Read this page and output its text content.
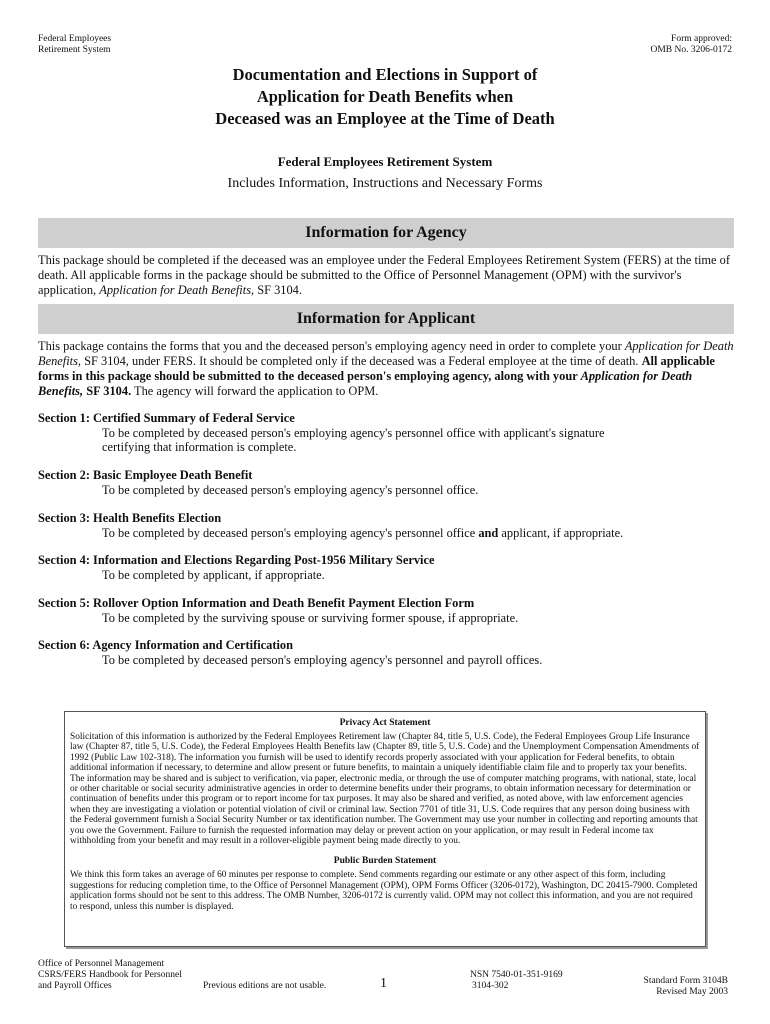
Federal Employees
Retirement System
Form approved:
OMB No. 3206-0172
Documentation and Elections in Support of
Application for Death Benefits when
Deceased was an Employee at the Time of Death
Federal Employees Retirement System
Includes Information, Instructions and Necessary Forms
Information for Agency
This package should be completed if the deceased was an employee under the Federal Employees Retirement System (FERS) at the time of death. All applicable forms in the package should be submitted to the Office of Personnel Management (OPM) with the survivor's application, Application for Death Benefits, SF 3104.
Information for Applicant
This package contains the forms that you and the deceased person's employing agency need in order to complete your Application for Death Benefits, SF 3104, under FERS. It should be completed only if the deceased was a Federal employee at the time of death. All applicable forms in this package should be submitted to the deceased person's employing agency, along with your Application for Death Benefits, SF 3104. The agency will forward the application to OPM.
Section 1: Certified Summary of Federal Service
To be completed by deceased person's employing agency's personnel office with applicant's signature certifying that information is complete.
Section 2: Basic Employee Death Benefit
To be completed by deceased person's employing agency's personnel office.
Section 3: Health Benefits Election
To be completed by deceased person's employing agency's personnel office and applicant, if appropriate.
Section 4: Information and Elections Regarding Post-1956 Military Service
To be completed by applicant, if appropriate.
Section 5: Rollover Option Information and Death Benefit Payment Election Form
To be completed by the surviving spouse or surviving former spouse, if appropriate.
Section 6: Agency Information and Certification
To be completed by deceased person's employing agency's personnel and payroll offices.
Privacy Act Statement
Solicitation of this information is authorized by the Federal Employees Retirement law (Chapter 84, title 5, U.S. Code), the Federal Employees Group Life Insurance law (Chapter 87, title 5, U.S. Code), the Federal Employees Health Benefits law (Chapter 89, title 5, U.S. Code) and the Unemployment Compensation Amendments of 1992 (Public Law 102-318). The information you furnish will be used to identify records properly associated with your application for Federal benefits, to obtain additional information if necessary, to determine and allow present or future benefits, to maintain a uniquely identifiable claim file and to properly tax your benefits. The information may be shared and is subject to verification, via paper, electronic media, or through the use of computer matching programs, with national, state, local or other charitable or social security administrative agencies in order to determine benefits under their programs, to obtain information necessary for determination or continuation of benefits under this program or to report income for tax purposes. It may also be shared and verified, as noted above, with law enforcement agencies when they are investigating a violation or potential violation of civil or criminal law. Section 7701 of title 31, U.S. Code requires that any person doing business with the Federal government furnish a Social Security Number or tax identification number. The Government may use your number in collecting and reporting amounts that you owe the Government. Failure to furnish the requested information may delay or prevent action on your application, or may result in Federal income tax withholding from your benefit and may result in a rollover-eligible payment being made directly to you.
Public Burden Statement
We think this form takes an average of 60 minutes per response to complete. Send comments regarding our estimate or any other aspect of this form, including suggestions for reducing completion time, to the Office of Personnel Management (OPM), OPM Forms Officer (3206-0172), Washington, DC 20415-7900. Completed application forms should not be sent to this address. The OMB Number, 3206-0172 is currently valid. OPM may not collect this information, and you are not required to respond, unless this number is displayed.
Office of Personnel Management
CSRS/FERS Handbook for Personnel
and Payroll Offices	Previous editions are not usable.	1
NSN 7540-01-351-9169
3104-302	Standard Form 3104B
Revised May 2003
